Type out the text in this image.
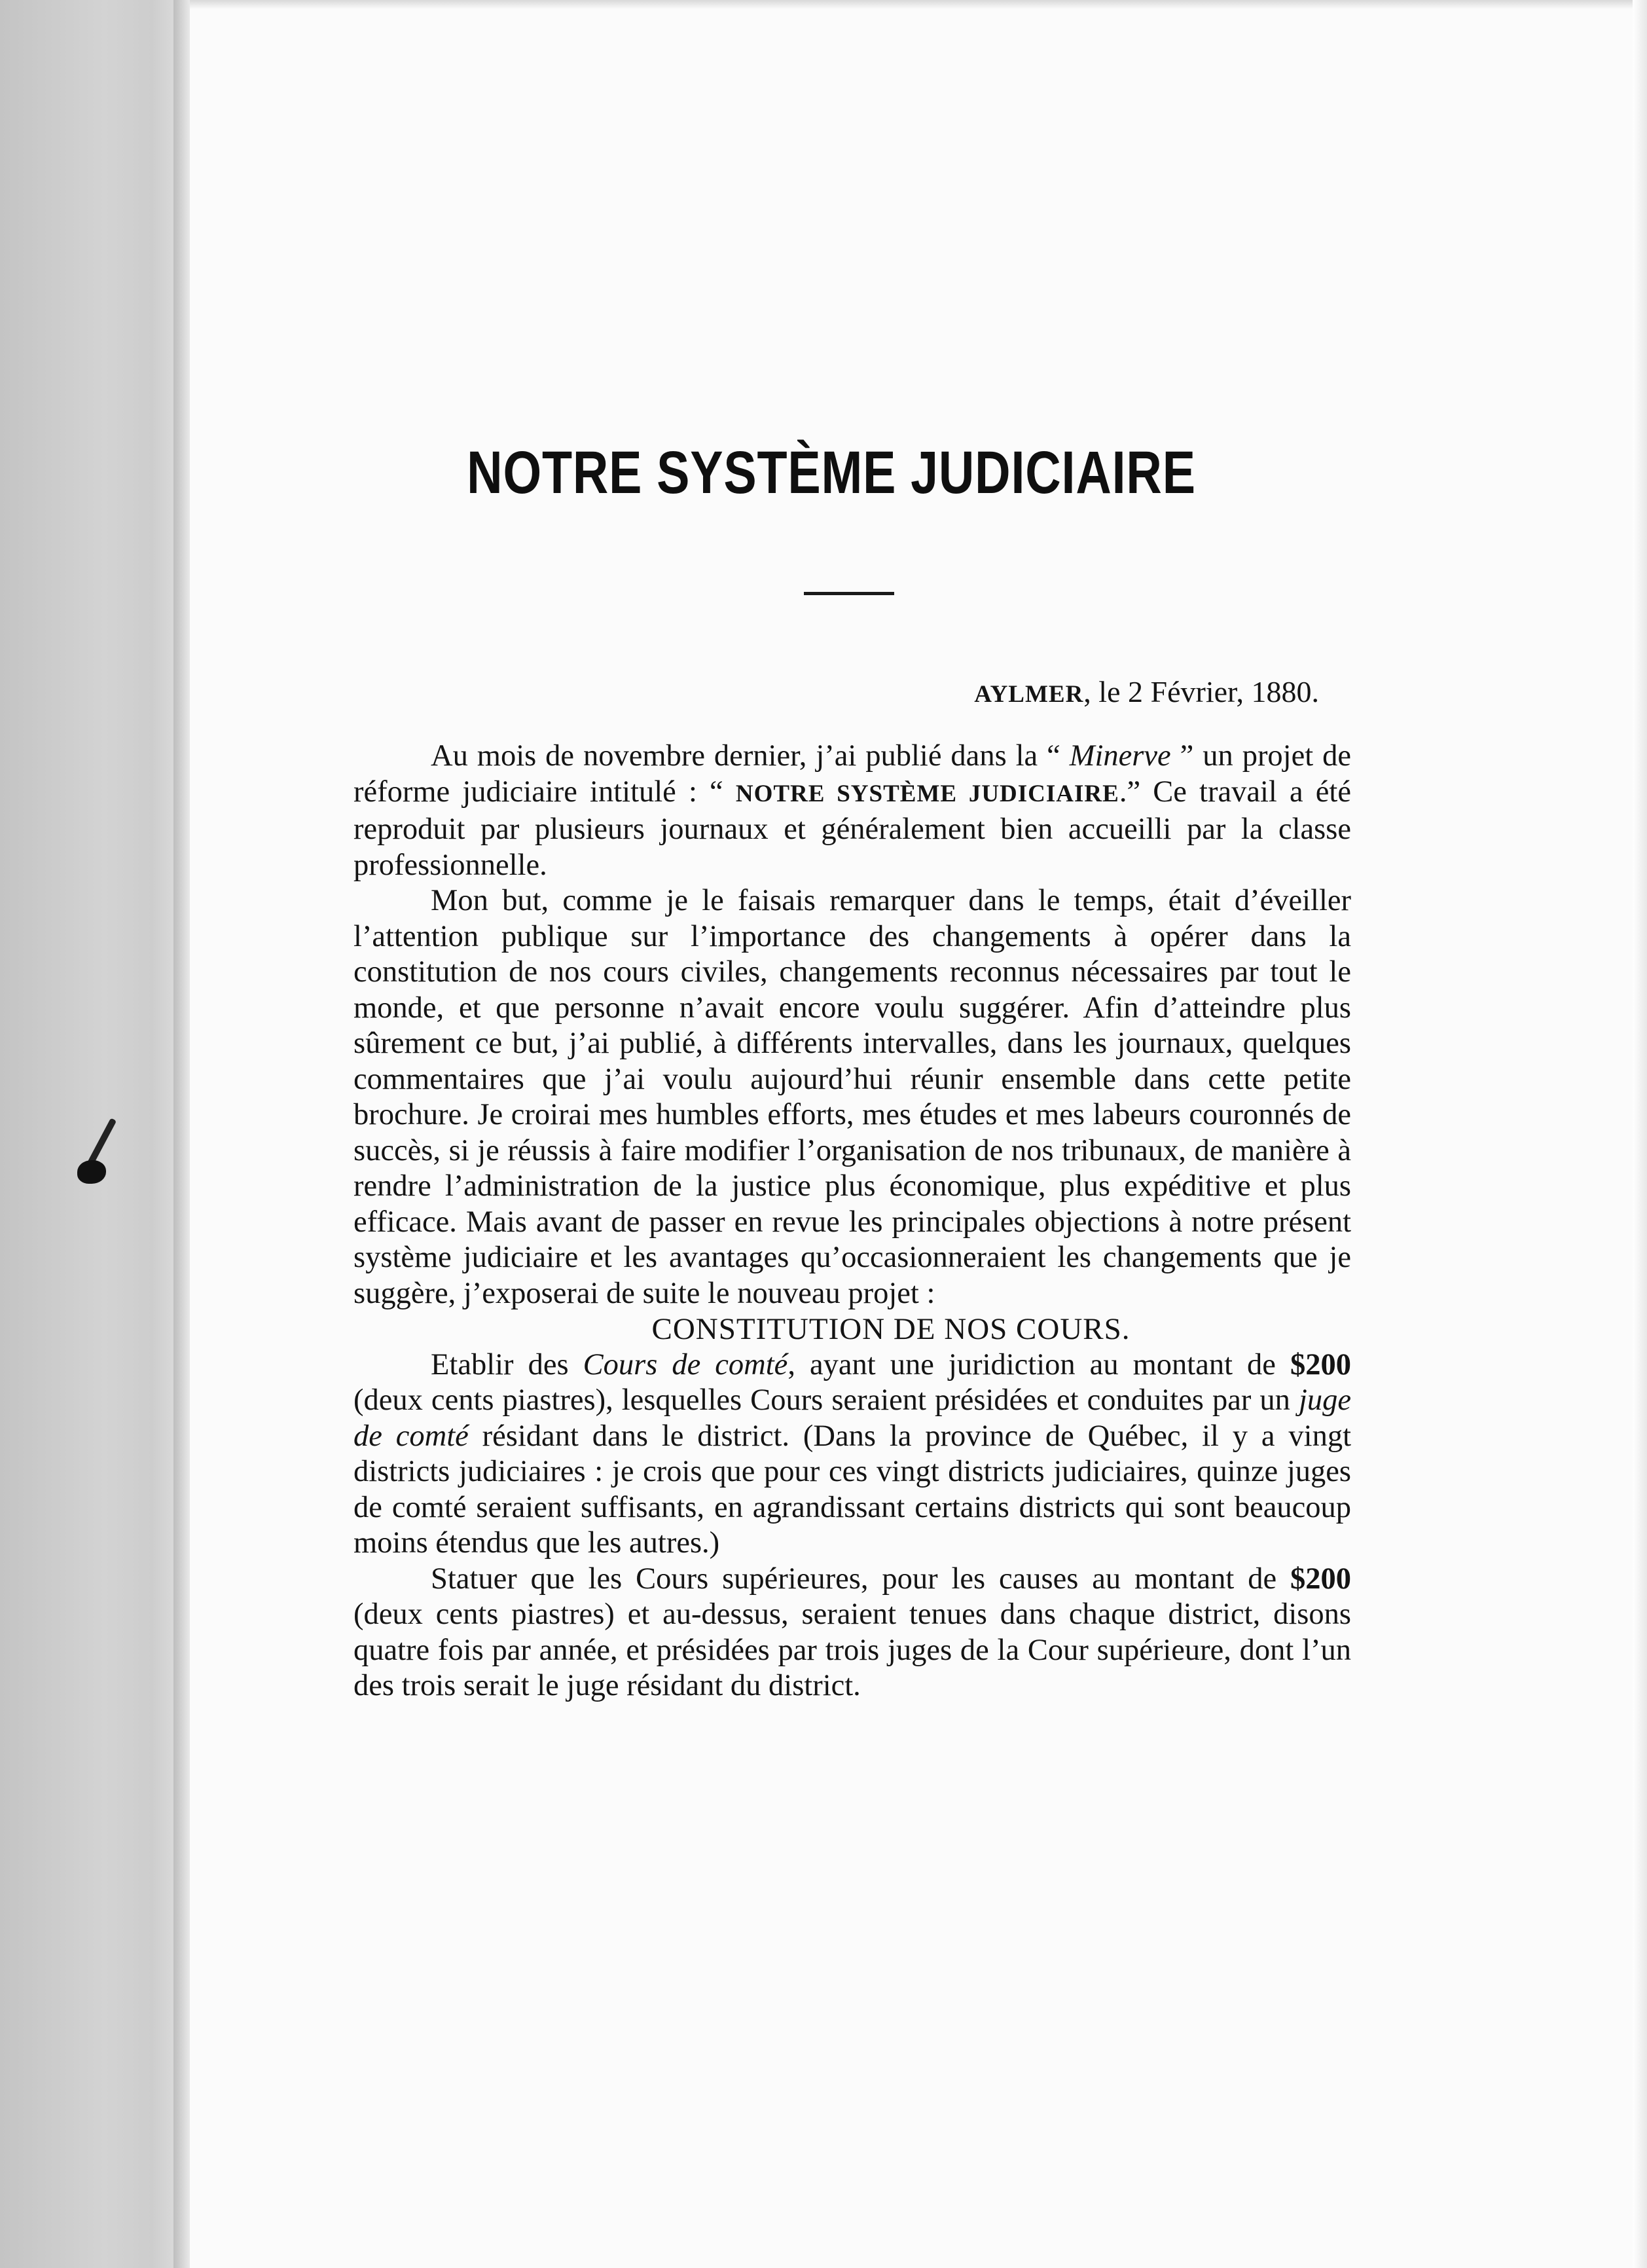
NOTRE SYSTÈME JUDICIAIRE
AYLMER, le 2 Février, 1880.

Au mois de novembre dernier, j’ai publié dans la “ Minerve ” un projet de réforme judiciaire intitulé : “ NOTRE SYSTÈME JUDICIAIRE.” Ce travail a été reproduit par plusieurs journaux et généralement bien accueilli par la classe professionnelle.

Mon but, comme je le faisais remarquer dans le temps, était d’éveiller l’attention publique sur l’importance des changements à opérer dans la constitution de nos cours civiles, changements reconnus nécessaires par tout le monde, et que personne n’avait encore voulu suggérer. Afin d’atteindre plus sûrement ce but, j’ai publié, à différents intervalles, dans les journaux, quelques commentaires que j’ai voulu aujourd’hui réunir ensemble dans cette petite brochure. Je croirai mes humbles efforts, mes études et mes labeurs couronnés de succès, si je réussis à faire modifier l’organisation de nos tribunaux, de manière à rendre l’administration de la justice plus économique, plus expéditive et plus efficace. Mais avant de passer en revue les principales objections à notre présent système judiciaire et les avantages qu’occasionneraient les changements que je suggère, j’exposerai de suite le nouveau projet :

CONSTITUTION DE NOS COURS.

Etablir des Cours de comté, ayant une juridiction au montant de $200 (deux cents piastres), lesquelles Cours seraient présidées et conduites par un juge de comté résidant dans le district. (Dans la province de Québec, il y a vingt districts judiciaires : je crois que pour ces vingt districts judiciaires, quinze juges de comté seraient suffisants, en agrandissant certains districts qui sont beaucoup moins étendus que les autres.)

Statuer que les Cours supérieures, pour les causes au montant de $200 (deux cents piastres) et au-dessus, seraient tenues dans chaque district, disons quatre fois par année, et présidées par trois juges de la Cour supérieure, dont l’un des trois serait le juge résidant du district.
